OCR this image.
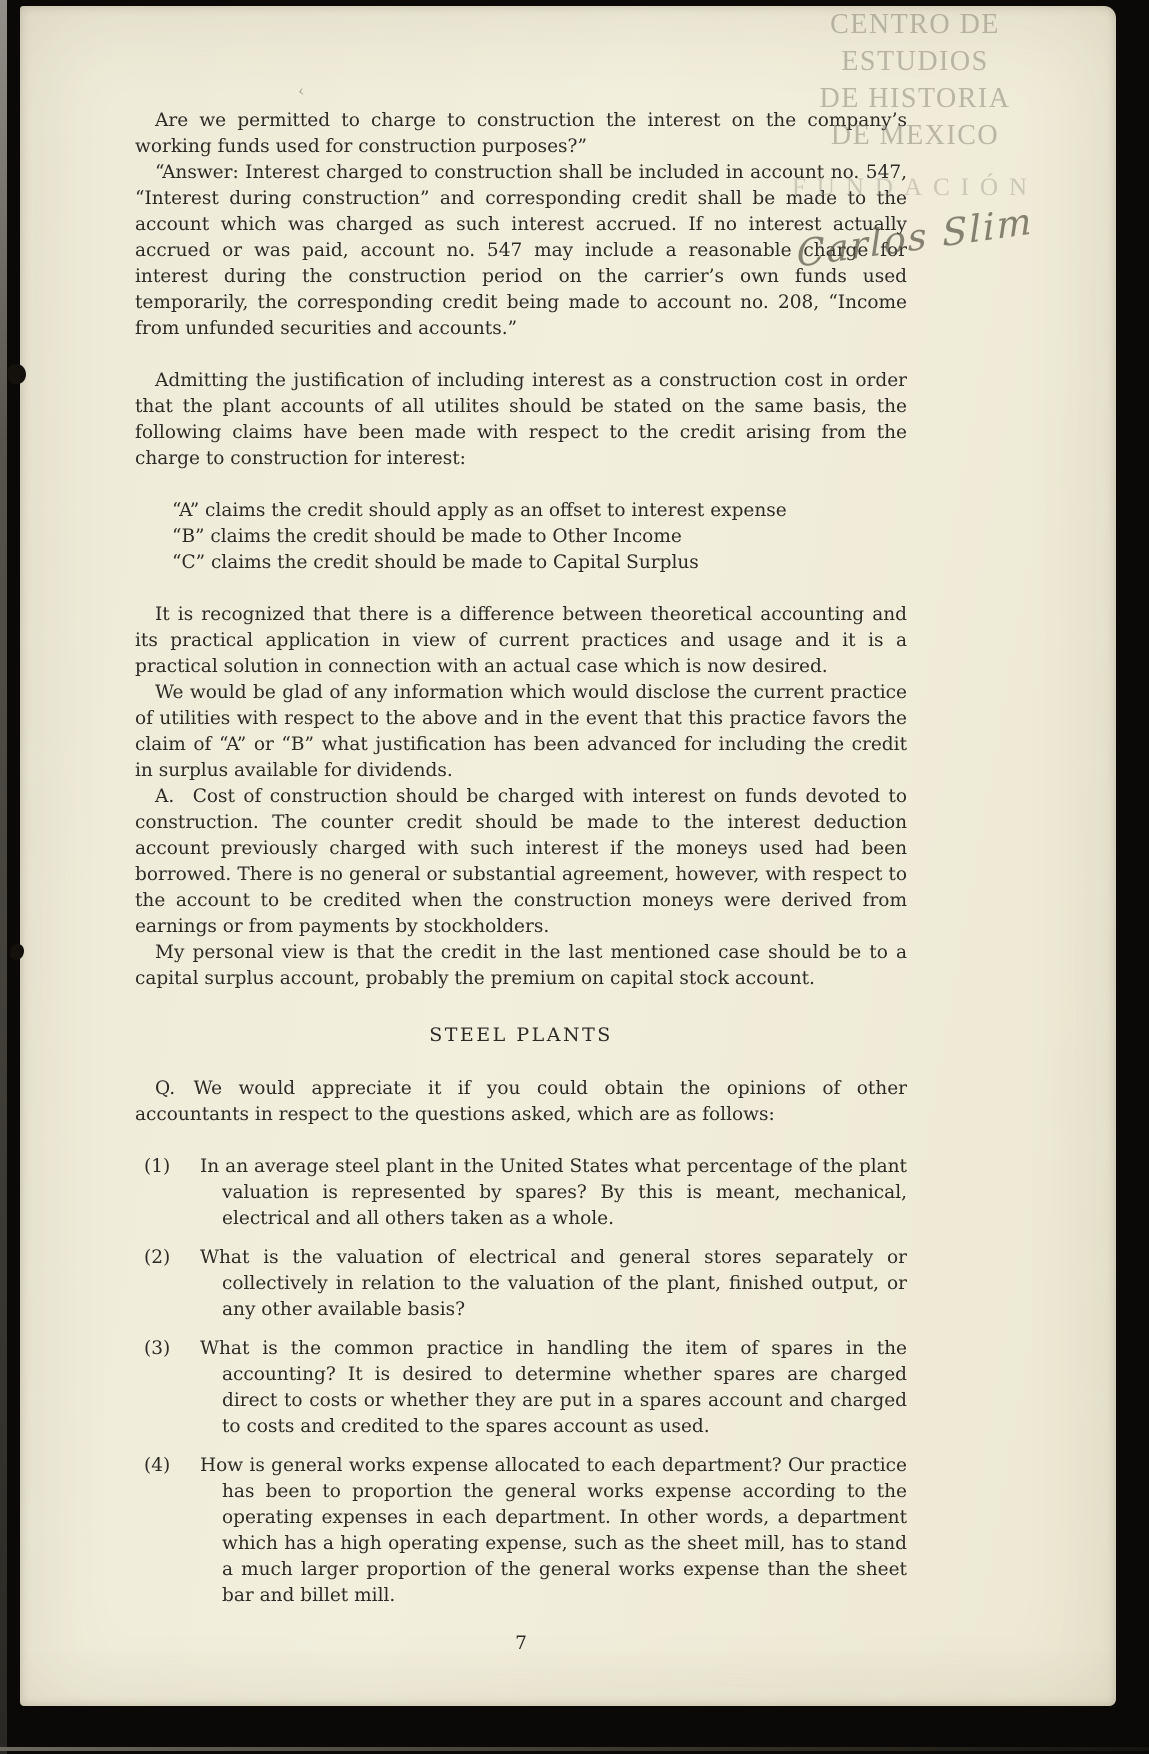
‹
CENTRO DE
ESTUDIOS
DE HISTORIA
DE MEXICO
FUNDACIÓN
Carlos Slim

Are we permitted to charge to construction the interest on the company’s working funds used for construction purposes?”

“Answer: Interest charged to construction shall be included in account no. 547, “Interest during construction” and corresponding credit shall be made to the account which was charged as such interest accrued. If no interest actually accrued or was paid, account no. 547 may include a reasonable charge for interest during the construction period on the carrier’s own funds used temporarily, the corresponding credit being made to account no. 208, “Income from unfunded securities and accounts.”

Admitting the justification of including interest as a construction cost in order that the plant accounts of all utilites should be stated on the same basis, the following claims have been made with respect to the credit arising from the charge to construction for interest:

“A” claims the credit should apply as an offset to interest expense

“B” claims the credit should be made to Other Income

“C” claims the credit should be made to Capital Surplus

It is recognized that there is a difference between theoretical accounting and its practical application in view of current practices and usage and it is a practical solution in connection with an actual case which is now desired.

We would be glad of any information which would disclose the current practice of utilities with respect to the above and in the event that this practice favors the claim of “A” or “B” what justification has been advanced for including the credit in surplus available for dividends.

A. Cost of construction should be charged with interest on funds devoted to construction. The counter credit should be made to the interest deduction account previously charged with such interest if the moneys used had been borrowed. There is no general or substantial agreement, however, with respect to the account to be credited when the construction moneys were derived from earnings or from payments by stockholders.

My personal view is that the credit in the last mentioned case should be to a capital surplus account, probably the premium on capital stock account.

STEEL PLANTS

Q. We would appreciate it if you could obtain the opinions of other accountants in respect to the questions asked, which are as follows:

(1) In an average steel plant in the United States what percentage of the plant valuation is represented by spares? By this is meant, mechanical, electrical and all others taken as a whole.
(2) What is the valuation of electrical and general stores separately or collectively in relation to the valuation of the plant, finished output, or any other available basis?
(3) What is the common practice in handling the item of spares in the accounting? It is desired to determine whether spares are charged direct to costs or whether they are put in a spares account and charged to costs and credited to the spares account as used.
(4) How is general works expense allocated to each department? Our practice has been to proportion the general works expense according to the operating expenses in each department. In other words, a department which has a high operating expense, such as the sheet mill, has to stand a much larger proportion of the general works expense than the sheet bar and billet mill.
7
